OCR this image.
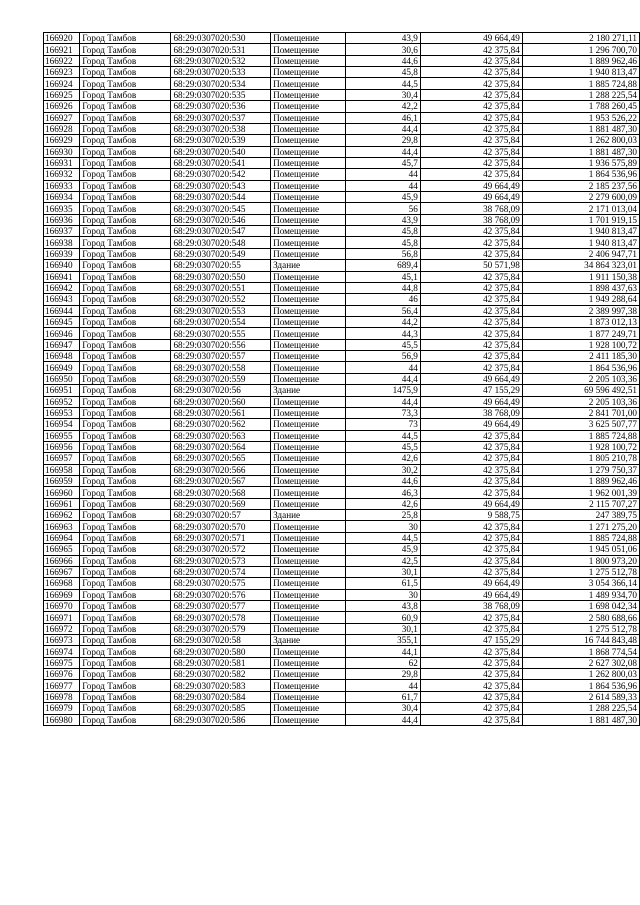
166920	Город Тамбов	68:29:0307020:530	Помещение	43,9	49 664,49	2 180 271,11
166921	Город Тамбов	68:29:0307020:531	Помещение	30,6	42 375,84	1 296 700,70
166922	Город Тамбов	68:29:0307020:532	Помещение	44,6	42 375,84	1 889 962,46
166923	Город Тамбов	68:29:0307020:533	Помещение	45,8	42 375,84	1 940 813,47
166924	Город Тамбов	68:29:0307020:534	Помещение	44,5	42 375,84	1 885 724,88
166925	Город Тамбов	68:29:0307020:535	Помещение	30,4	42 375,84	1 288 225,54
166926	Город Тамбов	68:29:0307020:536	Помещение	42,2	42 375,84	1 788 260,45
166927	Город Тамбов	68:29:0307020:537	Помещение	46,1	42 375,84	1 953 526,22
166928	Город Тамбов	68:29:0307020:538	Помещение	44,4	42 375,84	1 881 487,30
166929	Город Тамбов	68:29:0307020:539	Помещение	29,8	42 375,84	1 262 800,03
166930	Город Тамбов	68:29:0307020:540	Помещение	44,4	42 375,84	1 881 487,30
166931	Город Тамбов	68:29:0307020:541	Помещение	45,7	42 375,84	1 936 575,89
166932	Город Тамбов	68:29:0307020:542	Помещение	44	42 375,84	1 864 536,96
166933	Город Тамбов	68:29:0307020:543	Помещение	44	49 664,49	2 185 237,56
166934	Город Тамбов	68:29:0307020:544	Помещение	45,9	49 664,49	2 279 600,09
166935	Город Тамбов	68:29:0307020:545	Помещение	56	38 768,09	2 171 013,04
166936	Город Тамбов	68:29:0307020:546	Помещение	43,9	38 768,09	1 701 919,15
166937	Город Тамбов	68:29:0307020:547	Помещение	45,8	42 375,84	1 940 813,47
166938	Город Тамбов	68:29:0307020:548	Помещение	45,8	42 375,84	1 940 813,47
166939	Город Тамбов	68:29:0307020:549	Помещение	56,8	42 375,84	2 406 947,71
166940	Город Тамбов	68:29:0307020:55	Здание	689,4	50 571,98	34 864 323,01
166941	Город Тамбов	68:29:0307020:550	Помещение	45,1	42 375,84	1 911 150,38
166942	Город Тамбов	68:29:0307020:551	Помещение	44,8	42 375,84	1 898 437,63
166943	Город Тамбов	68:29:0307020:552	Помещение	46	42 375,84	1 949 288,64
166944	Город Тамбов	68:29:0307020:553	Помещение	56,4	42 375,84	2 389 997,38
166945	Город Тамбов	68:29:0307020:554	Помещение	44,2	42 375,84	1 873 012,13
166946	Город Тамбов	68:29:0307020:555	Помещение	44,3	42 375,84	1 877 249,71
166947	Город Тамбов	68:29:0307020:556	Помещение	45,5	42 375,84	1 928 100,72
166948	Город Тамбов	68:29:0307020:557	Помещение	56,9	42 375,84	2 411 185,30
166949	Город Тамбов	68:29:0307020:558	Помещение	44	42 375,84	1 864 536,96
166950	Город Тамбов	68:29:0307020:559	Помещение	44,4	49 664,49	2 205 103,36
166951	Город Тамбов	68:29:0307020:56	Здание	1475,9	47 155,29	69 596 492,51
166952	Город Тамбов	68:29:0307020:560	Помещение	44,4	49 664,49	2 205 103,36
166953	Город Тамбов	68:29:0307020:561	Помещение	73,3	38 768,09	2 841 701,00
166954	Город Тамбов	68:29:0307020:562	Помещение	73	49 664,49	3 625 507,77
166955	Город Тамбов	68:29:0307020:563	Помещение	44,5	42 375,84	1 885 724,88
166956	Город Тамбов	68:29:0307020:564	Помещение	45,5	42 375,84	1 928 100,72
166957	Город Тамбов	68:29:0307020:565	Помещение	42,6	42 375,84	1 805 210,78
166958	Город Тамбов	68:29:0307020:566	Помещение	30,2	42 375,84	1 279 750,37
166959	Город Тамбов	68:29:0307020:567	Помещение	44,6	42 375,84	1 889 962,46
166960	Город Тамбов	68:29:0307020:568	Помещение	46,3	42 375,84	1 962 001,39
166961	Город Тамбов	68:29:0307020:569	Помещение	42,6	49 664,49	2 115 707,27
166962	Город Тамбов	68:29:0307020:57	Здание	25,8	9 588,75	247 389,75
166963	Город Тамбов	68:29:0307020:570	Помещение	30	42 375,84	1 271 275,20
166964	Город Тамбов	68:29:0307020:571	Помещение	44,5	42 375,84	1 885 724,88
166965	Город Тамбов	68:29:0307020:572	Помещение	45,9	42 375,84	1 945 051,06
166966	Город Тамбов	68:29:0307020:573	Помещение	42,5	42 375,84	1 800 973,20
166967	Город Тамбов	68:29:0307020:574	Помещение	30,1	42 375,84	1 275 512,78
166968	Город Тамбов	68:29:0307020:575	Помещение	61,5	49 664,49	3 054 366,14
166969	Город Тамбов	68:29:0307020:576	Помещение	30	49 664,49	1 489 934,70
166970	Город Тамбов	68:29:0307020:577	Помещение	43,8	38 768,09	1 698 042,34
166971	Город Тамбов	68:29:0307020:578	Помещение	60,9	42 375,84	2 580 688,66
166972	Город Тамбов	68:29:0307020:579	Помещение	30,1	42 375,84	1 275 512,78
166973	Город Тамбов	68:29:0307020:58	Здание	355,1	47 155,29	16 744 843,48
166974	Город Тамбов	68:29:0307020:580	Помещение	44,1	42 375,84	1 868 774,54
166975	Город Тамбов	68:29:0307020:581	Помещение	62	42 375,84	2 627 302,08
166976	Город Тамбов	68:29:0307020:582	Помещение	29,8	42 375,84	1 262 800,03
166977	Город Тамбов	68:29:0307020:583	Помещение	44	42 375,84	1 864 536,96
166978	Город Тамбов	68:29:0307020:584	Помещение	61,7	42 375,84	2 614 589,33
166979	Город Тамбов	68:29:0307020:585	Помещение	30,4	42 375,84	1 288 225,54
166980	Город Тамбов	68:29:0307020:586	Помещение	44,4	42 375,84	1 881 487,30
